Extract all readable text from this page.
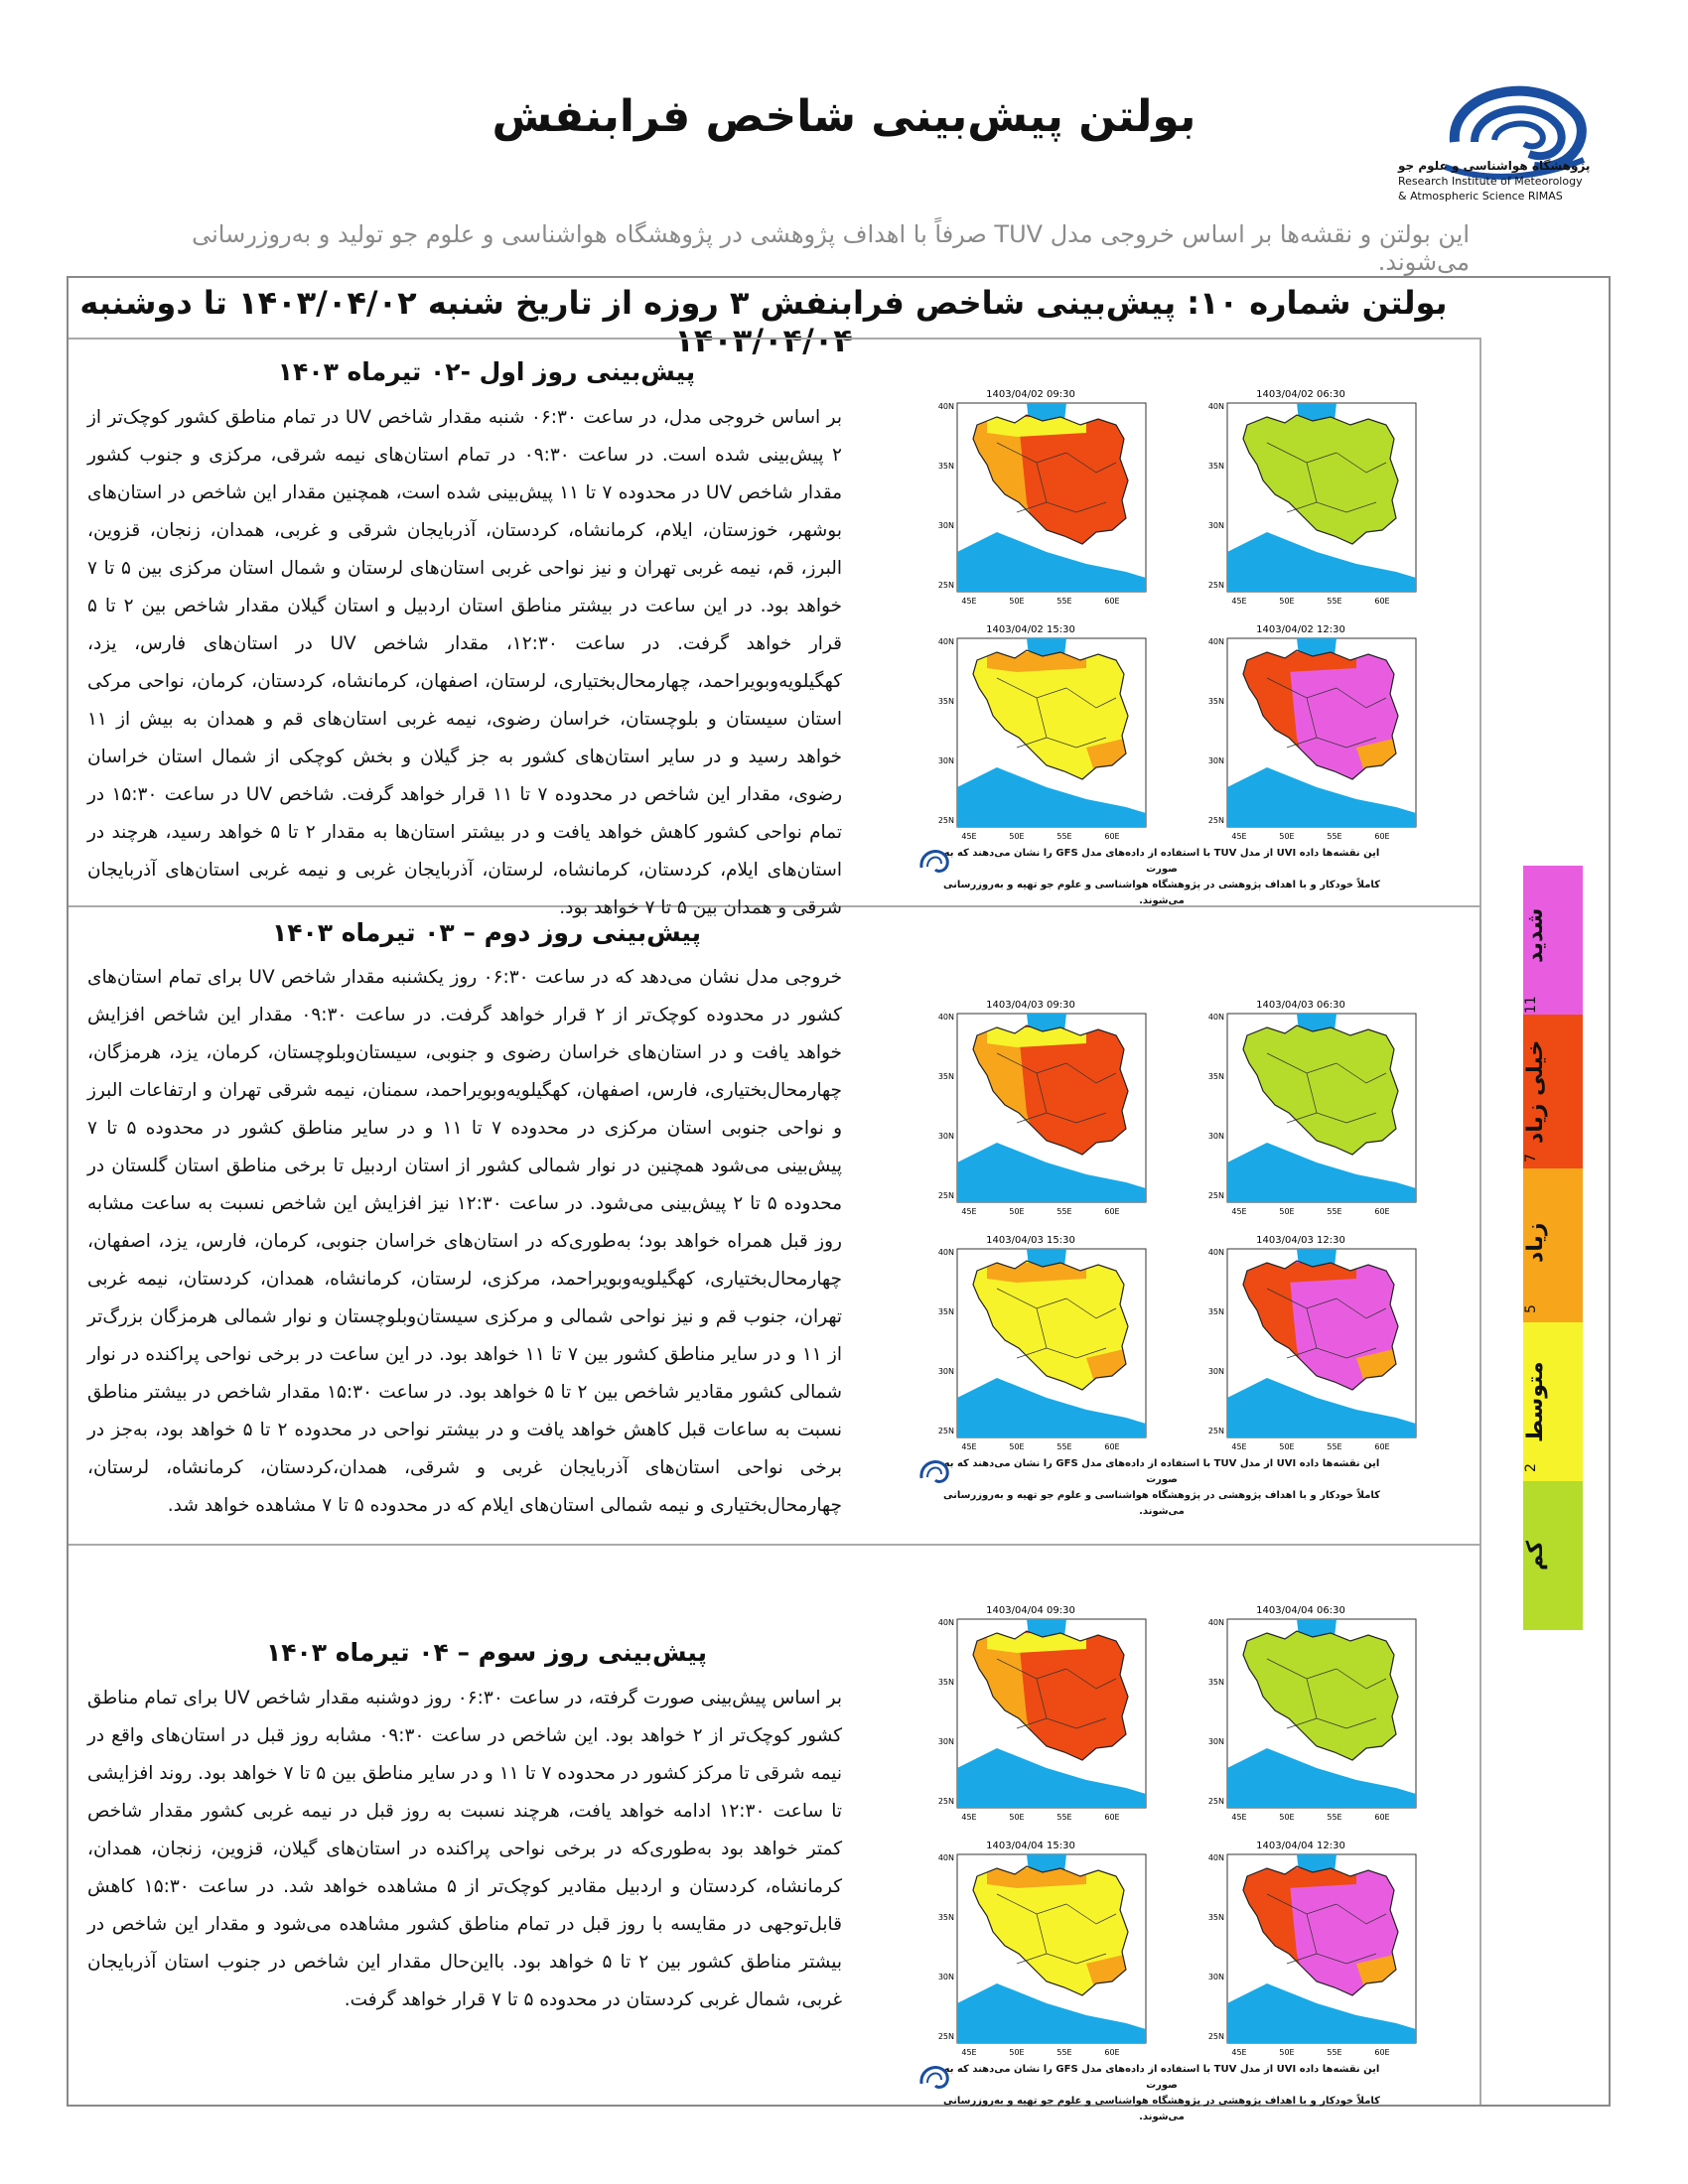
بولتن پیش‌بینی شاخص فرابنفش
پژوهشگاه هواشناسی و علوم جو
Research Institute of Meteorology
& Atmospheric Science RIMAS
این بولتن و نقشه‌ها بر اساس خروجی مدل TUV صرفاً با اهداف پژوهشی در پژوهشگاه هواشناسی و علوم جو تولید و به‌روزرسانی می‌شوند.
بولتن شماره ۱۰: پیش‌بینی شاخص فرابنفش ۳ روزه از تاریخ شنبه ۱۴۰۳/۰۴/۰۲ تا دوشنبه ۱۴۰۳/۰۴/۰۴
پیش‌بینی روز اول -۰۲ تیرماه ۱۴۰۳
بر اساس خروجی مدل، در ساعت ۰۶:۳۰ شنبه مقدار شاخص UV در تمام مناطق کشور کوچک‌تر از ۲ پیش‌بینی شده است. در ساعت ۰۹:۳۰ در تمام استان‌های نیمه شرقی، مرکزی و جنوب کشور مقدار شاخص UV در محدوده ۷ تا ۱۱ پیش‌بینی شده است، همچنین مقدار این شاخص در استان‌های بوشهر، خوزستان، ایلام، کرمانشاه، کردستان، آذربایجان شرقی و غربی، همدان، زنجان، قزوین، البرز، قم، نیمه غربی تهران و نیز نواحی غربی استان‌های لرستان و شمال استان مرکزی بین ۵ تا ۷ خواهد بود. در این ساعت در بیشتر مناطق استان اردبیل و استان گیلان مقدار شاخص بین ۲ تا ۵ قرار خواهد گرفت. در ساعت ۱۲:۳۰، مقدار شاخص UV در استان‌های فارس، یزد، کهگیلویه‌وبویراحمد، چهارمحال‌بختیاری، لرستان، اصفهان، کرمانشاه، کردستان، کرمان، نواحی مرکی استان سیستان و بلوچستان، خراسان رضوی، نیمه غربی استان‌های قم و همدان به بیش از ۱۱ خواهد رسید و در سایر استان‌های کشور به جز گیلان و بخش کوچکی از شمال استان خراسان رضوی، مقدار این شاخص در محدوده ۷ تا ۱۱ قرار خواهد گرفت. شاخص UV در ساعت ۱۵:۳۰ در تمام نواحی کشور کاهش خواهد یافت و در بیشتر استان‌ها به مقدار ۲ تا ۵ خواهد رسید، هرچند در استان‌های ایلام، کردستان، کرمانشاه، لرستان، آذربایجان غربی و نیمه غربی استان‌های آذربایجان شرقی و همدان بین ۵ تا ۷ خواهد بود.
1403/04/02 09:30
40N
35N
30N
25N
45E	50E	55E	60E
1403/04/02 06:30
40N
35N
30N
25N
45E	50E	55E	60E
1403/04/02 15:30
40N
35N
30N
25N
45E	50E	55E	60E
1403/04/02 12:30
40N
35N
30N
25N
45E	50E	55E	60E
این نقشه‌ها داده UVI از مدل TUV با استفاده از داده‌های مدل GFS را نشان می‌دهند که به صورت
کاملاً خودکار و با اهداف پژوهشی در پژوهشگاه هواشناسی و علوم جو تهیه و به‌روزرسانی می‌شوند.
پیش‌بینی روز دوم – ۰۳ تیرماه ۱۴۰۳
خروجی مدل نشان می‌دهد که در ساعت ۰۶:۳۰ روز یکشنبه مقدار شاخص UV برای تمام استان‌های کشور در محدوده کوچک‌تر از ۲ قرار خواهد گرفت. در ساعت ۰۹:۳۰ مقدار این شاخص افزایش خواهد یافت و در استان‌های خراسان رضوی و جنوبی، سیستان‌وبلوچستان، کرمان، یزد، هرمزگان، چهارمحال‌بختیاری، فارس، اصفهان، کهگیلویه‌وبویراحمد، سمنان، نیمه شرقی تهران و ارتفاعات البرز و نواحی جنوبی استان مرکزی در محدوده ۷ تا ۱۱ و در سایر مناطق کشور در محدوده ۵ تا ۷ پیش‌بینی می‌شود همچنین در نوار شمالی کشور از استان اردبیل تا برخی مناطق استان گلستان در محدوده ۵ تا ۲ پیش‌بینی می‌شود. در ساعت ۱۲:۳۰ نیز افزایش این شاخص نسبت به ساعت مشابه روز قبل همراه خواهد بود؛ به‌طوری‌که در استان‌های خراسان جنوبی، کرمان، فارس، یزد، اصفهان، چهارمحال‌بختیاری، کهگیلویه‌وبویراحمد، مرکزی، لرستان، کرمانشاه، همدان، کردستان، نیمه غربی تهران، جنوب قم و نیز نواحی شمالی و مرکزی سیستان‌وبلوچستان و نوار شمالی هرمزگان بزرگ‌تر از ۱۱ و در سایر مناطق کشور بین ۷ تا ۱۱ خواهد بود. در این ساعت در برخی نواحی پراکنده در نوار شمالی کشور مقادیر شاخص بین ۲ تا ۵ خواهد بود. در ساعت ۱۵:۳۰ مقدار شاخص در بیشتر مناطق نسبت به ساعات قبل کاهش خواهد یافت و در بیشتر نواحی در محدوده ۲ تا ۵ خواهد بود، به‌جز در برخی نواحی استان‌های آذربایجان غربی و شرقی، همدان،کردستان، کرمانشاه، لرستان، چهارمحال‌بختیاری و نیمه شمالی استان‌های ایلام که در محدوده ۵ تا ۷ مشاهده خواهد شد.
1403/04/03 09:30
40N
35N
30N
25N
45E	50E	55E	60E
1403/04/03 06:30
40N
35N
30N
25N
45E	50E	55E	60E
1403/04/03 15:30
40N
35N
30N
25N
45E	50E	55E	60E
1403/04/03 12:30
40N
35N
30N
25N
45E	50E	55E	60E
این نقشه‌ها داده UVI از مدل TUV با استفاده از داده‌های مدل GFS را نشان می‌دهند که به صورت
کاملاً خودکار و با اهداف پژوهشی در پژوهشگاه هواشناسی و علوم جو تهیه و به‌روزرسانی می‌شوند.
پیش‌بینی روز سوم – ۰۴ تیرماه ۱۴۰۳
بر اساس پیش‌بینی صورت گرفته، در ساعت ۰۶:۳۰ روز دوشنبه مقدار شاخص UV برای تمام مناطق کشور کوچک‌تر از ۲ خواهد بود. این شاخص در ساعت ۰۹:۳۰ مشابه روز قبل در استان‌های واقع در نیمه شرقی تا مرکز کشور در محدوده ۷ تا ۱۱ و در سایر مناطق بین ۵ تا ۷ خواهد بود. روند افزایشی تا ساعت ۱۲:۳۰ ادامه خواهد یافت، هرچند نسبت به روز قبل در نیمه غربی کشور مقدار شاخص کمتر خواهد بود به‌طوری‌که در برخی نواحی پراکنده در استان‌های گیلان، قزوین، زنجان، همدان، کرمانشاه، کردستان و اردبیل مقادیر کوچک‌تر از ۵ مشاهده خواهد شد. در ساعت ۱۵:۳۰ کاهش قابل‌توجهی در مقایسه با روز قبل در تمام مناطق کشور مشاهده می‌شود و مقدار این شاخص در بیشتر مناطق کشور بین ۲ تا ۵ خواهد بود. بااین‌حال مقدار این شاخص در جنوب استان آذربایجان غربی، شمال غربی کردستان در محدوده ۵ تا ۷ قرار خواهد گرفت.
1403/04/04 09:30
40N
35N
30N
25N
45E	50E	55E	60E
1403/04/04 06:30
40N
35N
30N
25N
45E	50E	55E	60E
1403/04/04 15:30
40N
35N
30N
25N
45E	50E	55E	60E
1403/04/04 12:30
40N
35N
30N
25N
45E	50E	55E	60E
این نقشه‌ها داده UVI از مدل TUV با استفاده از داده‌های مدل GFS را نشان می‌دهند که به صورت
کاملاً خودکار و با اهداف پژوهشی در پژوهشگاه هواشناسی و علوم جو تهیه و به‌روزرسانی می‌شوند.
شدید
خیلی زیاد
زیاد
متوسط
کم
11
7
5
2
